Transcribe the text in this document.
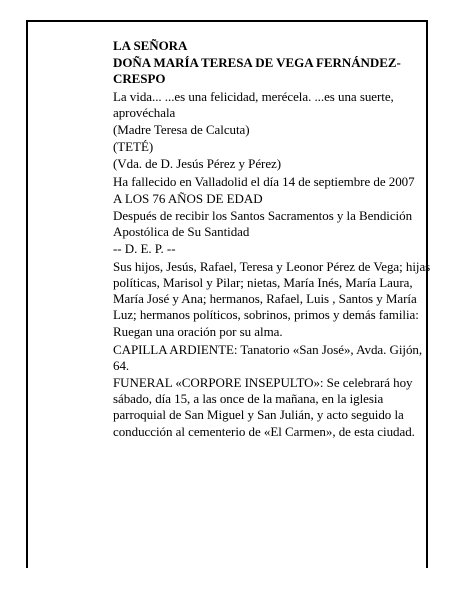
LA SEÑORA

DOÑA MARÍA TERESA DE VEGA FERNÁNDEZ-CRESPO

La vida... ...es una felicidad, merécela. ...es una suerte, aprovéchala

(Madre Teresa de Calcuta)

(TETÉ)

(Vda. de D. Jesús Pérez y Pérez)

Ha fallecido en Valladolid el día 14 de septiembre de 2007

A LOS 76 AÑOS DE EDAD

Después de recibir los Santos Sacramentos y la Bendición Apostólica de Su Santidad

-- D. E. P. --

Sus hijos, Jesús, Rafael, Teresa y Leonor Pérez de Vega; hijas políticas, Marisol y Pilar; nietas, María Inés, María Laura, María José y Ana; hermanos, Rafael, Luis , Santos y María Luz; hermanos políticos, sobrinos, primos y demás familia:

Ruegan una oración por su alma.

CAPILLA ARDIENTE: Tanatorio «San José», Avda. Gijón, 64.

FUNERAL «CORPORE INSEPULTO»: Se celebrará hoy sábado, día 15, a las once de la mañana, en la iglesia parroquial de San Miguel y San Julián, y acto seguido la conducción al cementerio de «El Carmen», de esta ciudad.
